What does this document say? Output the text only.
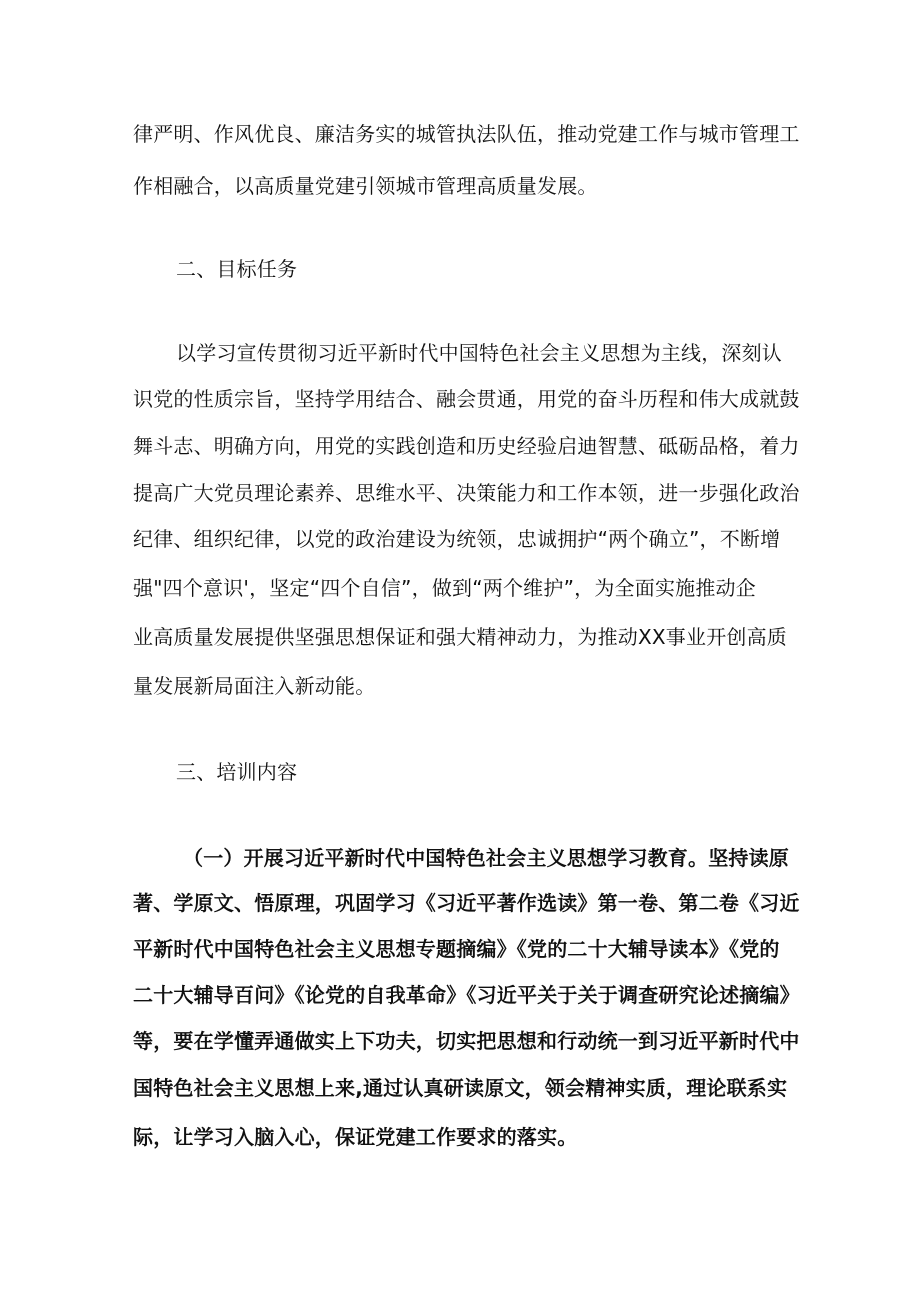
律严明、作风优良、廉洁务实的城管执法队伍，推动党建工作与城市管理工
作相融合，以高质量党建引领城市管理高质量发展。
二、目标任务
以学习宣传贯彻习近平新时代中国特色社会主义思想为主线，深刻认
识党的性质宗旨，坚持学用结合、融会贯通，用党的奋斗历程和伟大成就鼓
舞斗志、明确方向，用党的实践创造和历史经验启迪智慧、砥砺品格，着力
提高广大党员理论素养、思维水平、决策能力和工作本领，进一步强化政治
纪律、组织纪律，以党的政治建设为统领，忠诚拥护“两个确立”，不断增
强"四个意识'，坚定“四个自信”，做到“两个维护”，为全面实施推动企
业高质量发展提供坚强思想保证和强大精神动力，为推动XX事业开创高质
量发展新局面注入新动能。
三、培训内容
（一）开展习近平新时代中国特色社会主义思想学习教育。坚持读原
著、学原文、悟原理，巩固学习《习近平著作选读》第一卷、第二卷《习近
平新时代中国特色社会主义思想专题摘编》《党的二十大辅导读本》《党的
二十大辅导百问》《论党的自我革命》《习近平关于关于调查研究论述摘编》
等，要在学懂弄通做实上下功夫，切实把思想和行动统一到习近平新时代中
国特色社会主义思想上来,通过认真研读原文，领会精神实质，理论联系实
际，让学习入脑入心，保证党建工作要求的落实。
